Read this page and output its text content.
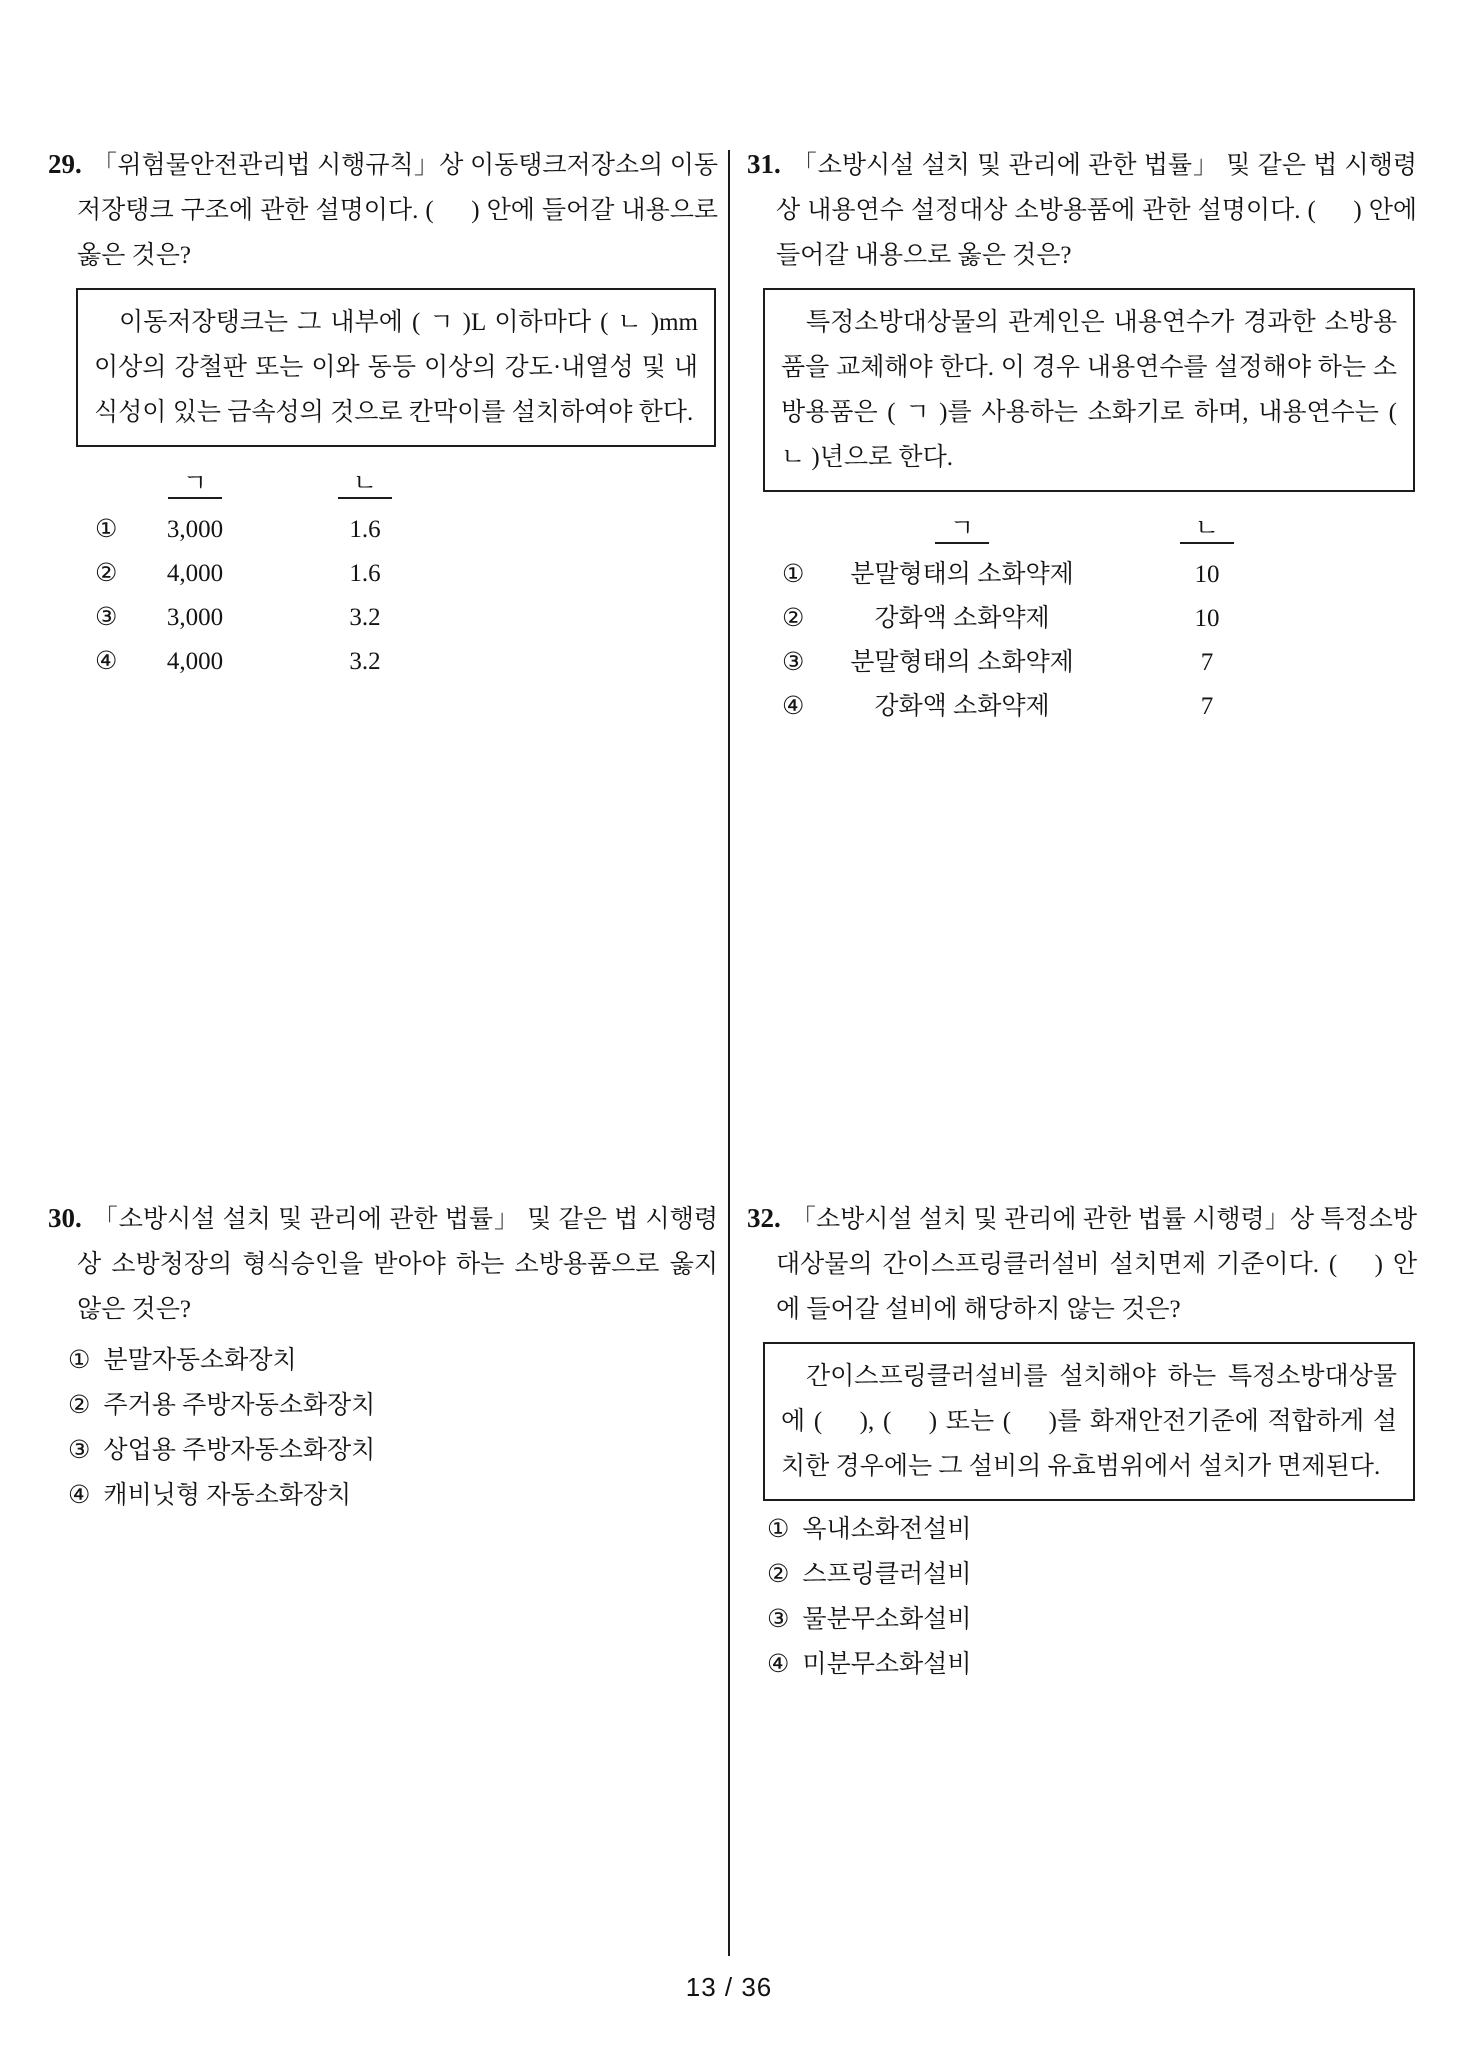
29. 「위험물안전관리법 시행규칙」상 이동탱크저장소의 이동저장탱크 구조에 관한 설명이다. (   ) 안에 들어갈 내용으로 옳은 것은?

이동저장탱크는 그 내부에 ( ㄱ )L 이하마다 ( ㄴ )mm 이상의 강철판 또는 이와 동등 이상의 강도·내열성 및 내식성이 있는 금속성의 것으로 칸막이를 설치하여야 한다.

ㄱ	ㄴ
①	3,000	1.6
②	4,000	1.6
③	3,000	3.2
④	4,000	3.2

30. 「소방시설 설치 및 관리에 관한 법률」 및 같은 법 시행령상 소방청장의 형식승인을 받아야 하는 소방용품으로 옳지 않은 것은?

① 분말자동소화장치
② 주거용 주방자동소화장치
③ 상업용 주방자동소화장치
④ 캐비닛형 자동소화장치

31. 「소방시설 설치 및 관리에 관한 법률」 및 같은 법 시행령상 내용연수 설정대상 소방용품에 관한 설명이다. (   ) 안에 들어갈 내용으로 옳은 것은?

특정소방대상물의 관계인은 내용연수가 경과한 소방용품을 교체해야 한다. 이 경우 내용연수를 설정해야 하는 소방용품은 ( ㄱ )를 사용하는 소화기로 하며, 내용연수는 ( ㄴ )년으로 한다.

ㄱ	ㄴ
①	분말형태의 소화약제	10
②	강화액 소화약제	10
③	분말형태의 소화약제	7
④	강화액 소화약제	7

32. 「소방시설 설치 및 관리에 관한 법률 시행령」상 특정소방대상물의 간이스프링클러설비 설치면제 기준이다. (   ) 안에 들어갈 설비에 해당하지 않는 것은?

간이스프링클러설비를 설치해야 하는 특정소방대상물에 (   ), (   ) 또는 (   )를 화재안전기준에 적합하게 설치한 경우에는 그 설비의 유효범위에서 설치가 면제된다.

① 옥내소화전설비
② 스프링클러설비
③ 물분무소화설비
④ 미분무소화설비
13 / 36
